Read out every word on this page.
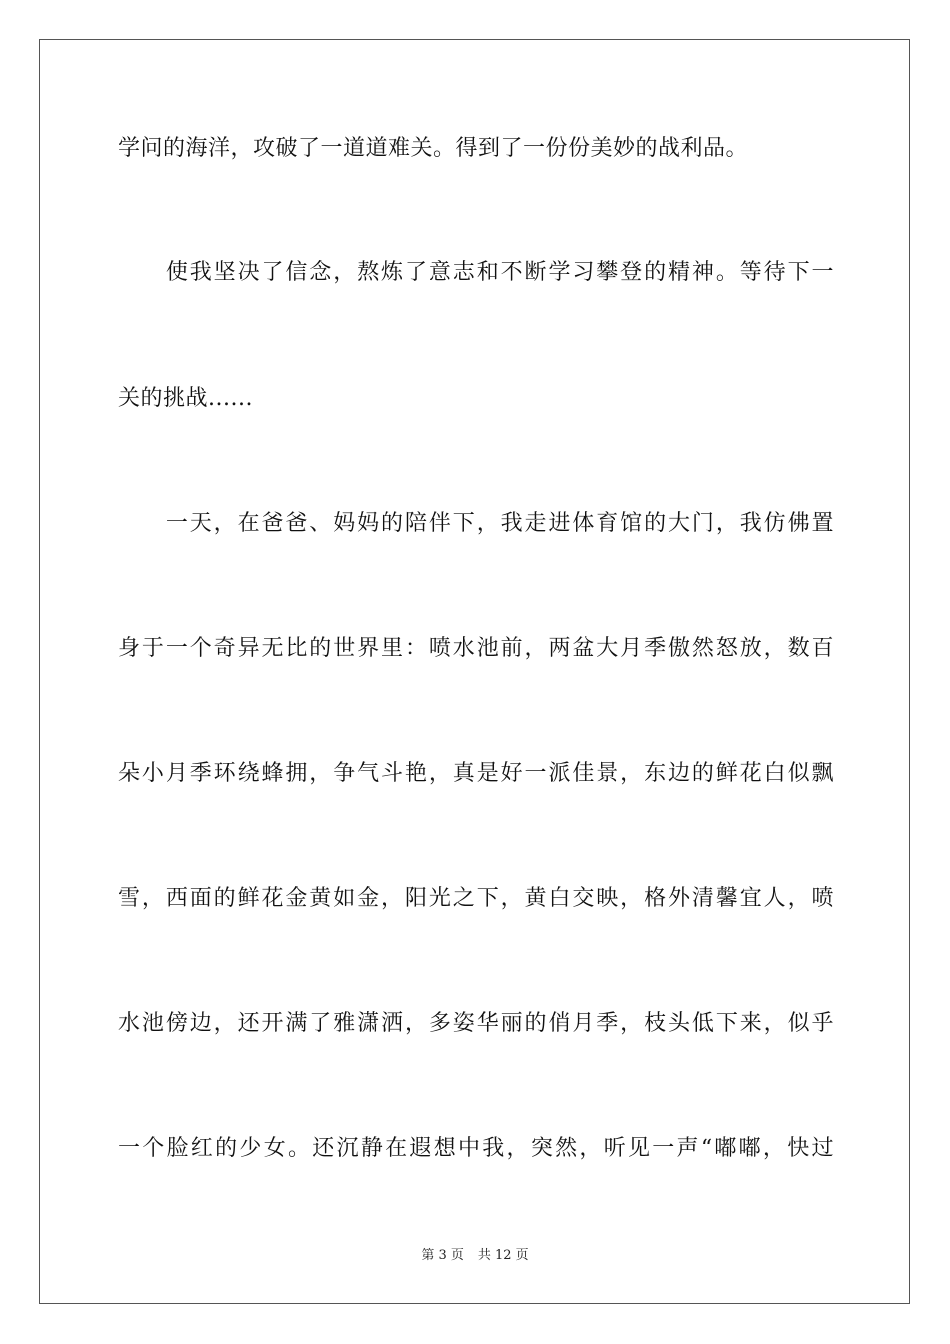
学问的海洋，攻破了一道道难关。得到了一份份美妙的战利品。
　　使我坚决了信念，熬炼了意志和不断学习攀登的精神。等待下一
关的挑战......
　　一天，在爸爸、妈妈的陪伴下，我走进体育馆的大门，我仿佛置
身于一个奇异无比的世界里：喷水池前，两盆大月季傲然怒放，数百
朵小月季环绕蜂拥，争气斗艳，真是好一派佳景，东边的鲜花白似飘
雪，西面的鲜花金黄如金，阳光之下，黄白交映，格外清馨宜人，喷
水池傍边，还开满了雅潇洒，多姿华丽的俏月季，枝头低下来，似乎
一个脸红的少女。还沉静在遐想中我，突然，听见一声“嘟嘟，快过
第 3 页 共 12 页
